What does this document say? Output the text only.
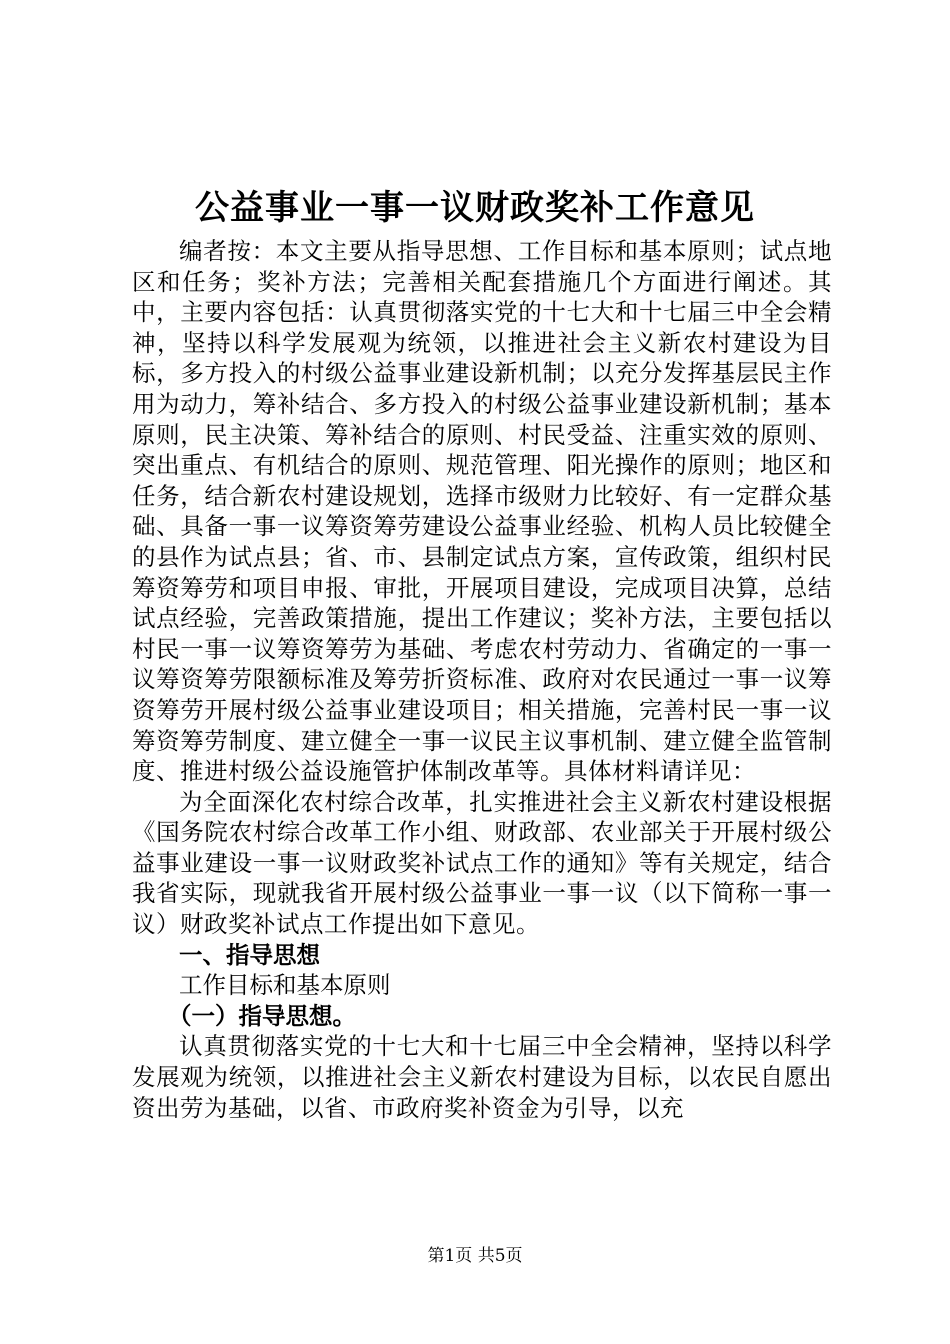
公益事业一事一议财政奖补工作意见

编者按：本文主要从指导思想、工作目标和基本原则；试点地区和任务；奖补方法；完善相关配套措施几个方面进行阐述。其中，主要内容包括：认真贯彻落实党的十七大和十七届三中全会精神，坚持以科学发展观为统领，以推进社会主义新农村建设为目标，多方投入的村级公益事业建设新机制；以充分发挥基层民主作用为动力，筹补结合、多方投入的村级公益事业建设新机制；基本原则，民主决策、筹补结合的原则、村民受益、注重实效的原则、突出重点、有机结合的原则、规范管理、阳光操作的原则；地区和任务，结合新农村建设规划，选择市级财力比较好、有一定群众基础、具备一事一议筹资筹劳建设公益事业经验、机构人员比较健全的县作为试点县；省、市、县制定试点方案，宣传政策，组织村民筹资筹劳和项目申报、审批，开展项目建设，完成项目决算，总结试点经验，完善政策措施，提出工作建议；奖补方法，主要包括以村民一事一议筹资筹劳为基础、考虑农村劳动力、省确定的一事一议筹资筹劳限额标准及筹劳折资标准、政府对农民通过一事一议筹资筹劳开展村级公益事业建设项目；相关措施，完善村民一事一议筹资筹劳制度、建立健全一事一议民主议事机制、建立健全监管制度、推进村级公益设施管护体制改革等。具体材料请详见：

为全面深化农村综合改革，扎实推进社会主义新农村建设根据《国务院农村综合改革工作小组、财政部、农业部关于开展村级公益事业建设一事一议财政奖补试点工作的通知》等有关规定，结合我省实际，现就我省开展村级公益事业一事一议（以下简称一事一议）财政奖补试点工作提出如下意见。

一、指导思想

工作目标和基本原则

（一）指导思想。

认真贯彻落实党的十七大和十七届三中全会精神，坚持以科学发展观为统领，以推进社会主义新农村建设为目标，以农民自愿出资出劳为基础，以省、市政府奖补资金为引导，以充

第1页 共5页
